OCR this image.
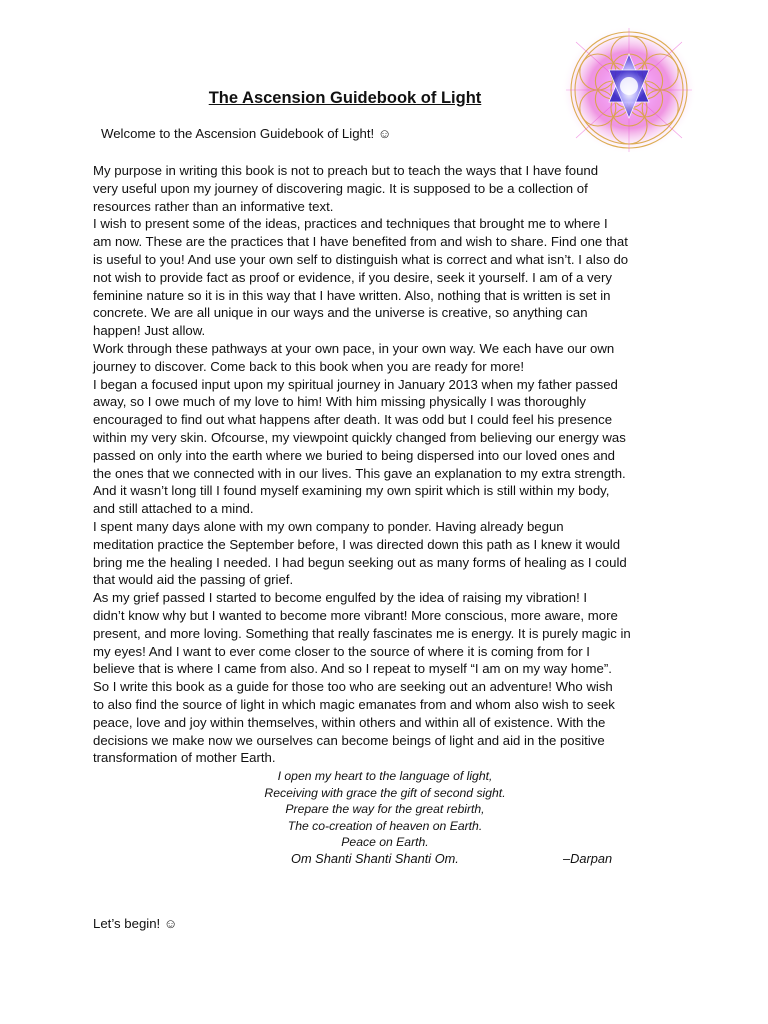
The Ascension Guidebook of Light
Welcome to the Ascension Guidebook of Light! ☺
My purpose in writing this book is not to preach but to teach the ways that I have found
very useful upon my journey of discovering magic. It is supposed to be a collection of
resources rather than an informative text.
I wish to present some of the ideas, practices and techniques that brought me to where I
am now. These are the practices that I have benefited from and wish to share. Find one that
is useful to you! And use your own self to distinguish what is correct and what isn’t. I also do
not wish to provide fact as proof or evidence, if you desire, seek it yourself. I am of a very
feminine nature so it is in this way that I have written. Also, nothing that is written is set in
concrete. We are all unique in our ways and the universe is creative, so anything can
happen! Just allow.
Work through these pathways at your own pace, in your own way. We each have our own
journey to discover. Come back to this book when you are ready for more!
I began a focused input upon my spiritual journey in January 2013 when my father passed
away, so I owe much of my love to him! With him missing physically I was thoroughly
encouraged to find out what happens after death. It was odd but I could feel his presence
within my very skin. Ofcourse, my viewpoint quickly changed from believing our energy was
passed on only into the earth where we buried to being dispersed into our loved ones and
the ones that we connected with in our lives. This gave an explanation to my extra strength.
And it wasn’t long till I found myself examining my own spirit which is still within my body,
and still attached to a mind.
I spent many days alone with my own company to ponder. Having already begun
meditation practice the September before, I was directed down this path as I knew it would
bring me the healing I needed. I had begun seeking out as many forms of healing as I could
that would aid the passing of grief.
As my grief passed I started to become engulfed by the idea of raising my vibration! I
didn’t know why but I wanted to become more vibrant! More conscious, more aware, more
present, and more loving. Something that really fascinates me is energy. It is purely magic in
my eyes! And I want to ever come closer to the source of where it is coming from for I
believe that is where I came from also. And so I repeat to myself “I am on my way home”.
So I write this book as a guide for those too who are seeking out an adventure! Who wish
to also find the source of light in which magic emanates from and whom also wish to seek
peace, love and joy within themselves, within others and within all of existence. With the
decisions we make now we ourselves can become beings of light and aid in the positive
transformation of mother Earth.
I open my heart to the language of light,
Receiving with grace the gift of second sight.
Prepare the way for the great rebirth,
The co-creation of heaven on Earth.
Peace on Earth.
Om Shanti Shanti Shanti Om.	–Darpan
Let’s begin! ☺
